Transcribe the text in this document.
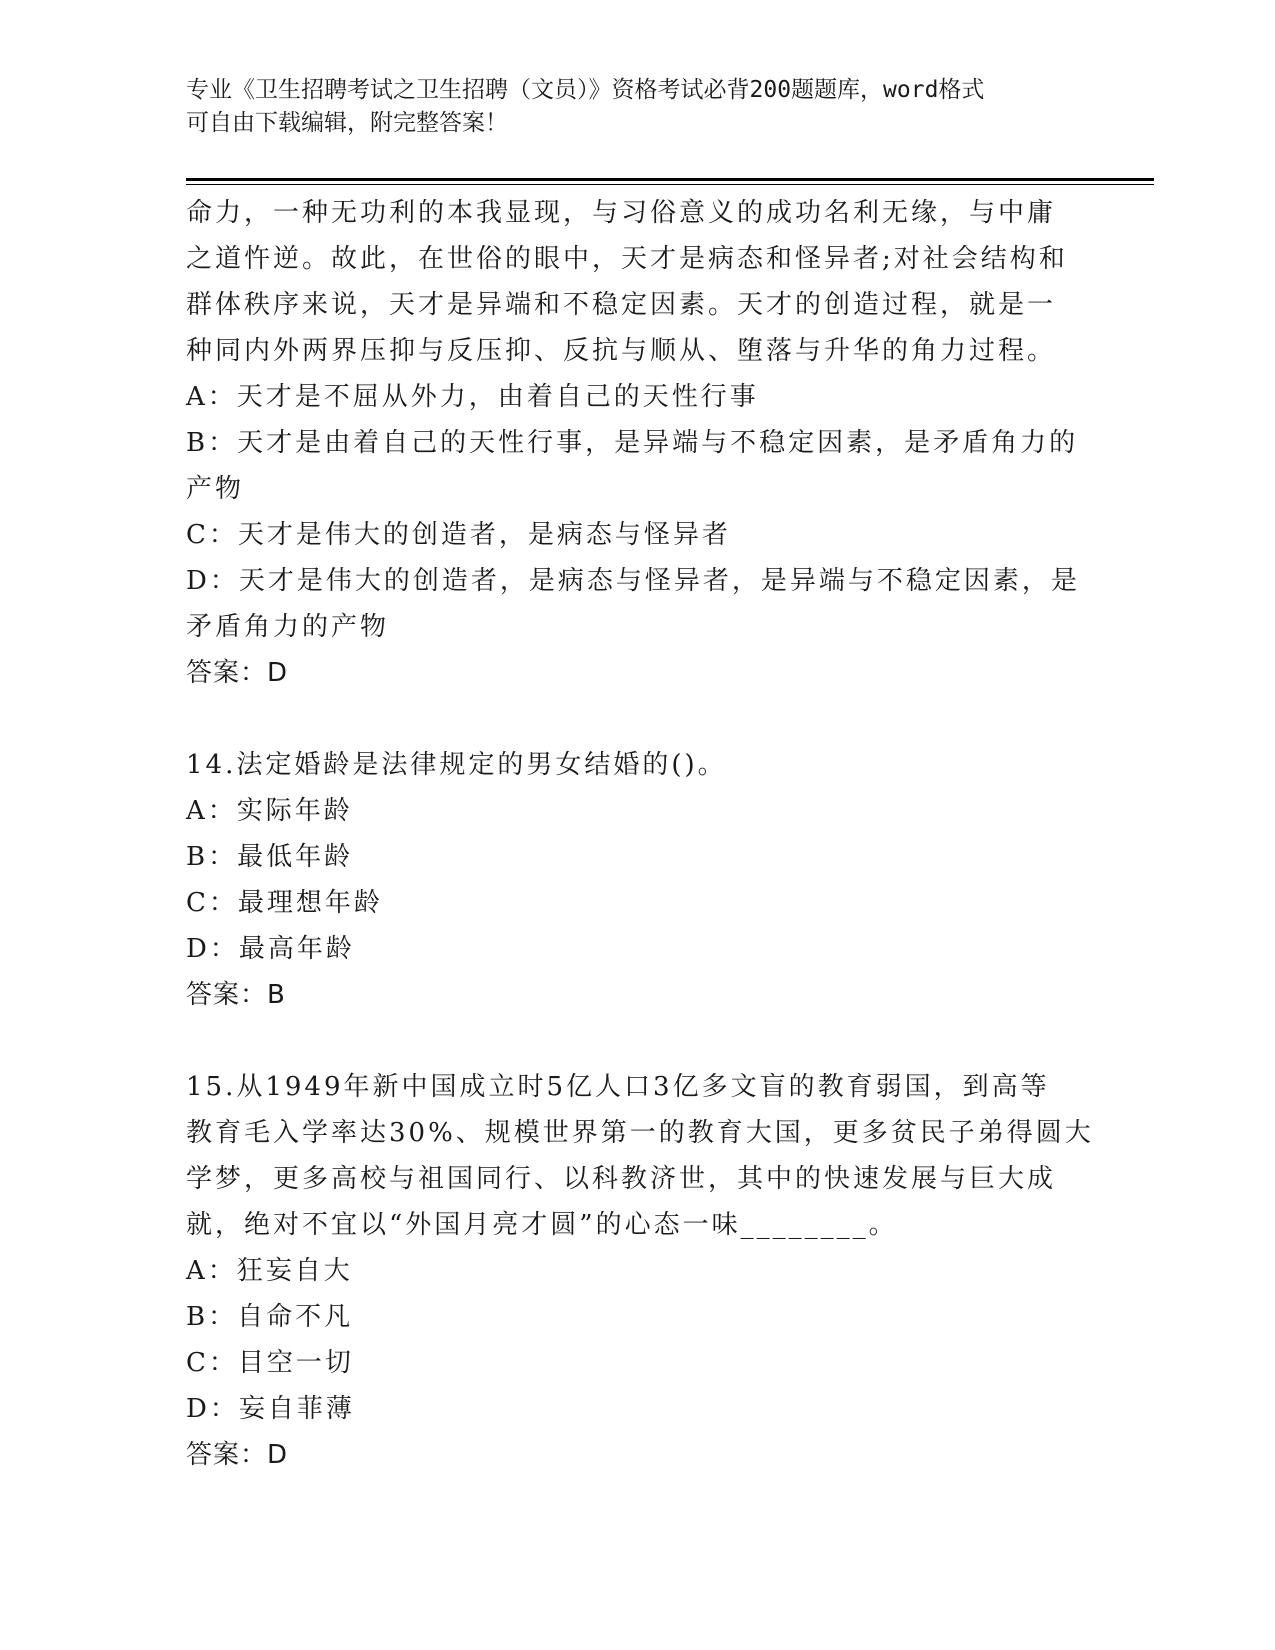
专业《卫生招聘考试之卫生招聘（文员）》资格考试必背200题题库，word格式
可自由下载编辑，附完整答案！
命力，一种无功利的本我显现，与习俗意义的成功名利无缘，与中庸
之道忤逆。故此，在世俗的眼中，天才是病态和怪异者;对社会结构和
群体秩序来说，天才是异端和不稳定因素。天才的创造过程，就是一
种同内外两界压抑与反压抑、反抗与顺从、堕落与升华的角力过程。
A：天才是不屈从外力，由着自己的天性行事
B：天才是由着自己的天性行事，是异端与不稳定因素，是矛盾角力的
产物
C：天才是伟大的创造者，是病态与怪异者
D：天才是伟大的创造者，是病态与怪异者，是异端与不稳定因素，是
矛盾角力的产物
答案：D
14.法定婚龄是法律规定的男女结婚的()。
A：实际年龄
B：最低年龄
C：最理想年龄
D：最高年龄
答案：B
15.从1949年新中国成立时5亿人口3亿多文盲的教育弱国，到高等
教育毛入学率达30%、规模世界第一的教育大国，更多贫民子弟得圆大
学梦，更多高校与祖国同行、以科教济世，其中的快速发展与巨大成
就，绝对不宜以“外国月亮才圆”的心态一味________。
A：狂妄自大
B：自命不凡
C：目空一切
D：妄自菲薄
答案：D
